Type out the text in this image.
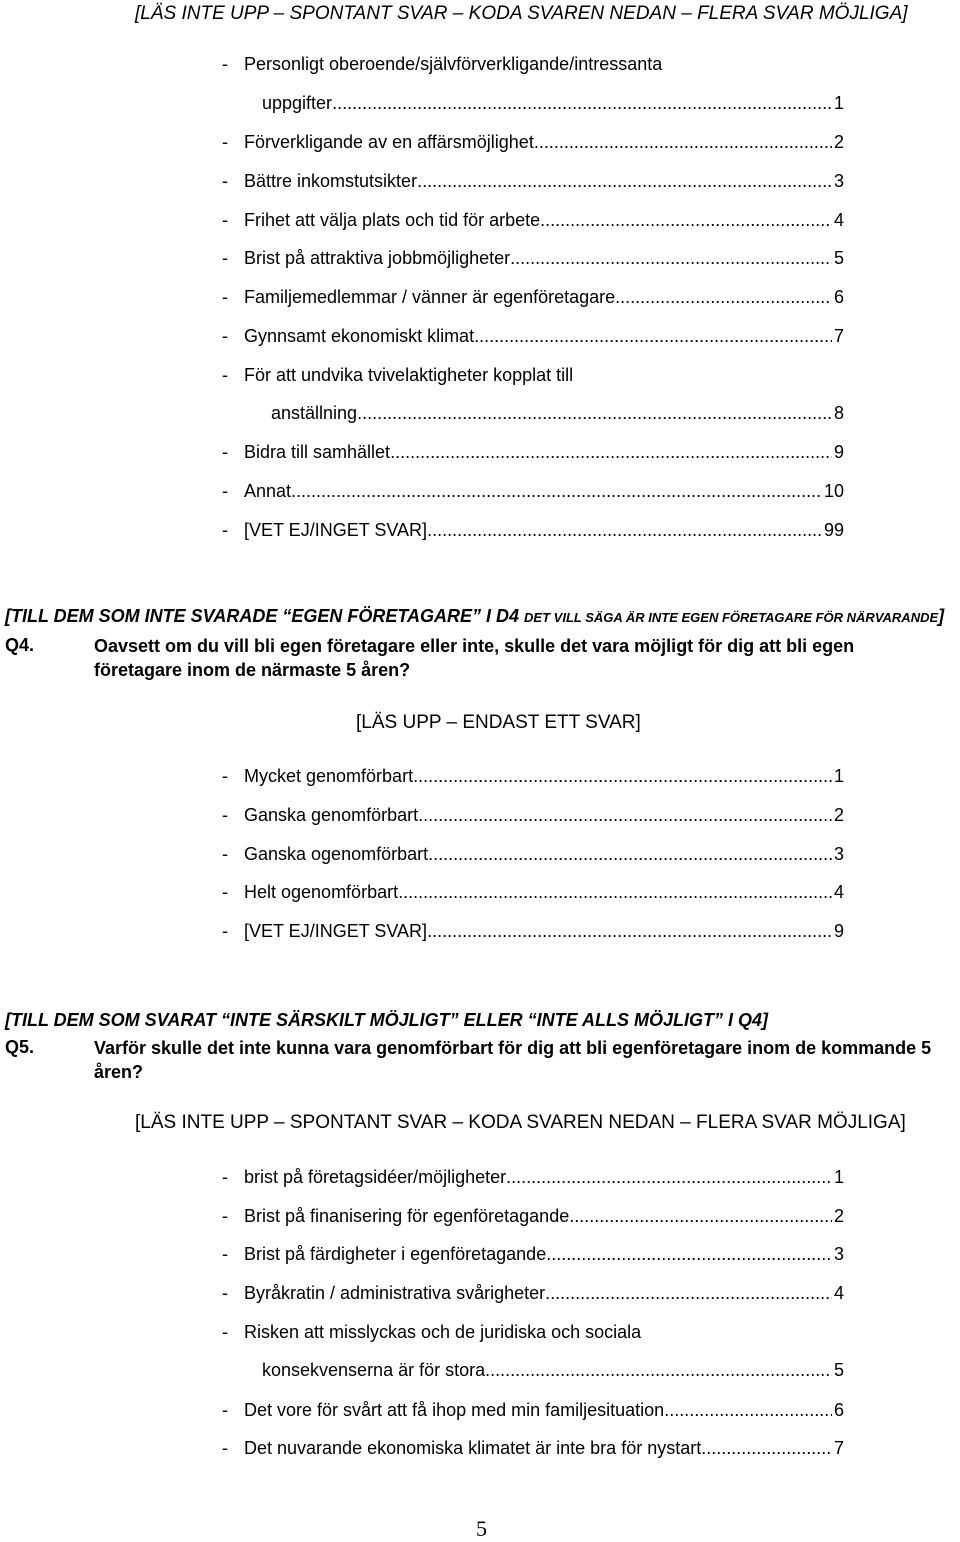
[LÄS INTE UPP – SPONTANT SVAR – KODA SVAREN NEDAN – FLERA SVAR MÖJLIGA]
- Personligt oberoende/självförverkligande/intressanta
uppgifter .....	1
- Förverkligande av en affärsmöjlighet .....	2
- Bättre inkomstutsikter .....	3
- Frihet att välja plats och tid för arbete .....	4
- Brist på attraktiva jobbmöjligheter .....	5
- Familjemedlemmar / vänner är egenföretagare .....	6
- Gynnsamt ekonomiskt klimat .....	7
- För att undvika tvivelaktigheter kopplat till
anställning .....	8
- Bidra till samhället .....	9
- Annat .....	10
- [VET EJ/INGET SVAR] .....	99
[TILL DEM SOM INTE SVARADE “EGEN FÖRETAGARE” I D4 DET VILL SÄGA ÄR INTE EGEN FÖRETAGARE FÖR NÄRVARANDE]
Q4.	Oavsett om du vill bli egen företagare eller inte, skulle det vara möjligt för dig att bli egen företagare inom de närmaste 5 åren?
[LÄS UPP – ENDAST ETT SVAR]
- Mycket genomförbart .....	1
- Ganska genomförbart .....	2
- Ganska ogenomförbart .....	3
- Helt ogenomförbart .....	4
- [VET EJ/INGET SVAR] .....	9
[TILL DEM SOM SVARAT “INTE SÄRSKILT MÖJLIGT” ELLER “INTE ALLS MÖJLIGT” I Q4]
Q5.	Varför skulle det inte kunna vara genomförbart för dig att bli egenföretagare inom de kommande 5 åren?
[LÄS INTE UPP – SPONTANT SVAR – KODA SVAREN NEDAN – FLERA SVAR MÖJLIGA]
- brist på företagsidéer/möjligheter .....	1
- Brist på finanisering för egenföretagande .....	2
- Brist på färdigheter i egenföretagande .....	3
- Byråkratin / administrativa svårigheter .....	4
- Risken att misslyckas och de juridiska och sociala
konsekvenserna är för stora .....	5
- Det vore för svårt att få ihop med min familjesituation .....	6
- Det nuvarande ekonomiska klimatet är inte bra för nystart .....	7
5
